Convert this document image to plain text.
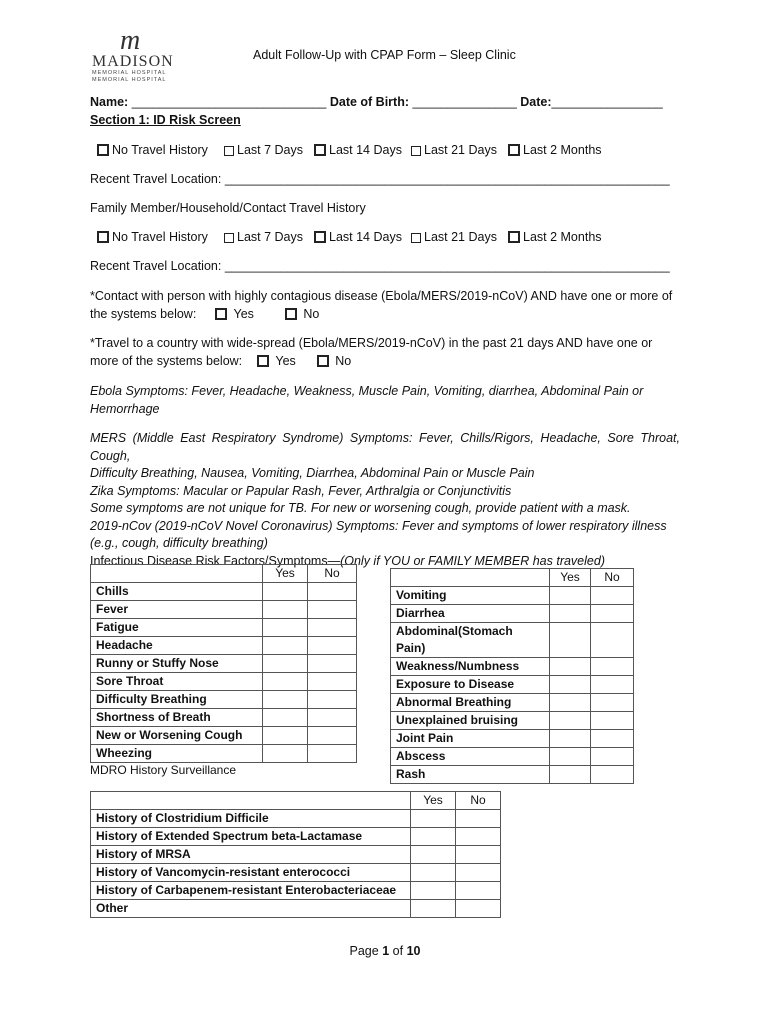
m
MADISON
MEMORIAL HOSPITAL
MEMORIAL HOSPITAL
Adult Follow-Up with CPAP Form – Sleep Clinic
Name: ____________________________ Date of Birth: _______________ Date:________________
Section 1: ID Risk Screen
No Travel History	Last 7 Days	Last 14 Days	Last 21 Days	Last 2 Months
Recent Travel Location: ________________________________________________________________
Family Member/Household/Contact Travel History
No Travel History	Last 7 Days	Last 14 Days	Last 21 Days	Last 2 Months
Recent Travel Location: ________________________________________________________________
*Contact with person with highly contagious disease (Ebola/MERS/2019-nCoV) AND have one or more of
the systems below:	Yes	No
*Travel to a country with wide-spread (Ebola/MERS/2019-nCoV) in the past 21 days AND have one or
more of the systems below:	Yes	No
Ebola Symptoms: Fever, Headache, Weakness, Muscle Pain, Vomiting, diarrhea, Abdominal Pain or
Hemorrhage
MERS (Middle East Respiratory Syndrome) Symptoms: Fever, Chills/Rigors, Headache, Sore Throat, Cough,
Difficulty Breathing, Nausea, Vomiting, Diarrhea, Abdominal Pain or Muscle Pain
Zika Symptoms: Macular or Papular Rash, Fever, Arthralgia or Conjunctivitis
Some symptoms are not unique for TB. For new or worsening cough, provide patient with a mask.
2019-nCov (2019-nCoV Novel Coronavirus) Symptoms: Fever and symptoms of lower respiratory illness
(e.g., cough, difficulty breathing)
Infectious Disease Risk Factors/Symptoms—(Only if YOU or FAMILY MEMBER has traveled)
	Yes	No
Chills		
Fever		
Fatigue		
Headache		
Runny or Stuffy Nose		
Sore Throat		
Difficulty Breathing		
Shortness of Breath		
New or Worsening Cough		
Wheezing		
MDRO History Surveillance
	Yes	No
Vomiting		
Diarrhea		
Abdominal(Stomach
Pain)		
Weakness/Numbness		
Exposure to Disease		
Abnormal Breathing		
Unexplained bruising		
Joint Pain		
Abscess		
Rash		
	Yes	No
History of Clostridium Difficile		
History of Extended Spectrum beta-Lactamase		
History of MRSA		
History of Vancomycin-resistant enterococci		
History of Carbapenem-resistant Enterobacteriaceae		
Other		
Page 1 of 10
